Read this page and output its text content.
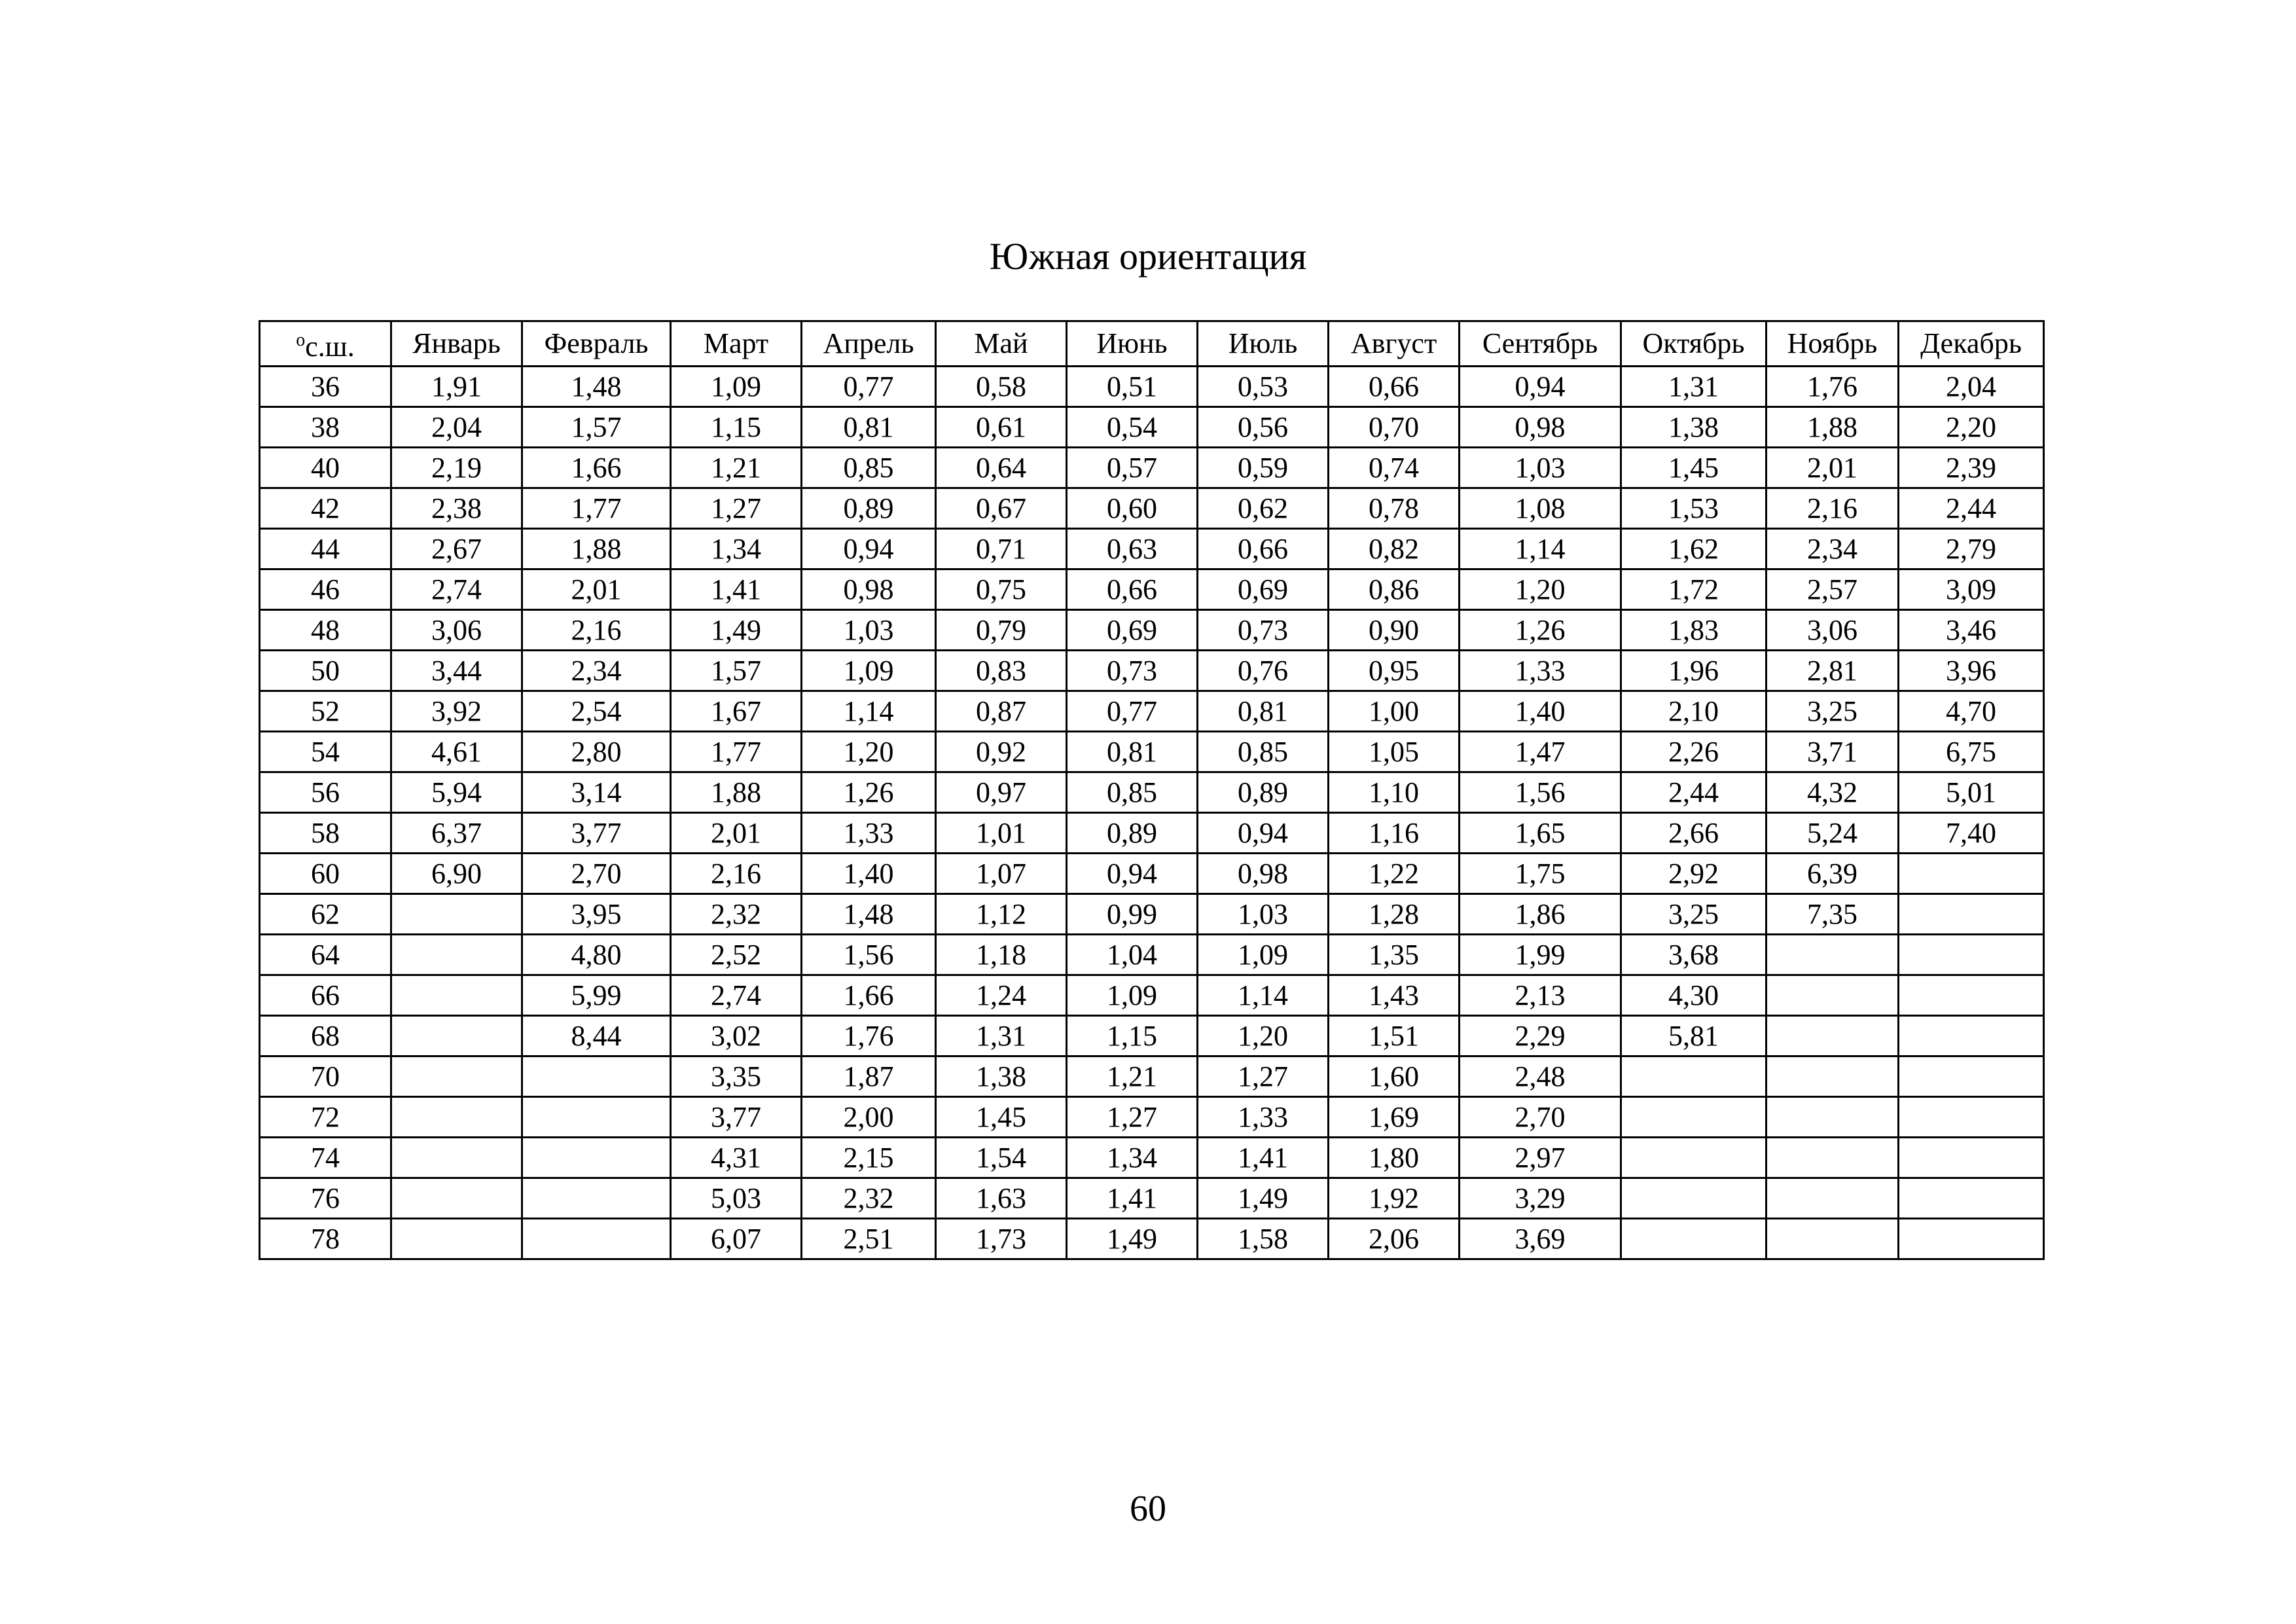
Южная ориентация
$^о$с.ш.	Январь	Февраль	Март	Апрель	Май	Июнь	Июль	Август	Сентябрь	Октябрь	Ноябрь	Декабрь
36	1,91	1,48	1,09	0,77	0,58	0,51	0,53	0,66	0,94	1,31	1,76	2,04
38	2,04	1,57	1,15	0,81	0,61	0,54	0,56	0,70	0,98	1,38	1,88	2,20
40	2,19	1,66	1,21	0,85	0,64	0,57	0,59	0,74	1,03	1,45	2,01	2,39
42	2,38	1,77	1,27	0,89	0,67	0,60	0,62	0,78	1,08	1,53	2,16	2,44
44	2,67	1,88	1,34	0,94	0,71	0,63	0,66	0,82	1,14	1,62	2,34	2,79
46	2,74	2,01	1,41	0,98	0,75	0,66	0,69	0,86	1,20	1,72	2,57	3,09
48	3,06	2,16	1,49	1,03	0,79	0,69	0,73	0,90	1,26	1,83	3,06	3,46
50	3,44	2,34	1,57	1,09	0,83	0,73	0,76	0,95	1,33	1,96	2,81	3,96
52	3,92	2,54	1,67	1,14	0,87	0,77	0,81	1,00	1,40	2,10	3,25	4,70
54	4,61	2,80	1,77	1,20	0,92	0,81	0,85	1,05	1,47	2,26	3,71	6,75
56	5,94	3,14	1,88	1,26	0,97	0,85	0,89	1,10	1,56	2,44	4,32	5,01
58	6,37	3,77	2,01	1,33	1,01	0,89	0,94	1,16	1,65	2,66	5,24	7,40
60	6,90	2,70	2,16	1,40	1,07	0,94	0,98	1,22	1,75	2,92	6,39	
62		3,95	2,32	1,48	1,12	0,99	1,03	1,28	1,86	3,25	7,35	
64		4,80	2,52	1,56	1,18	1,04	1,09	1,35	1,99	3,68		
66		5,99	2,74	1,66	1,24	1,09	1,14	1,43	2,13	4,30		
68		8,44	3,02	1,76	1,31	1,15	1,20	1,51	2,29	5,81		
70			3,35	1,87	1,38	1,21	1,27	1,60	2,48			
72			3,77	2,00	1,45	1,27	1,33	1,69	2,70			
74			4,31	2,15	1,54	1,34	1,41	1,80	2,97			
76			5,03	2,32	1,63	1,41	1,49	1,92	3,29			
78			6,07	2,51	1,73	1,49	1,58	2,06	3,69			
60
